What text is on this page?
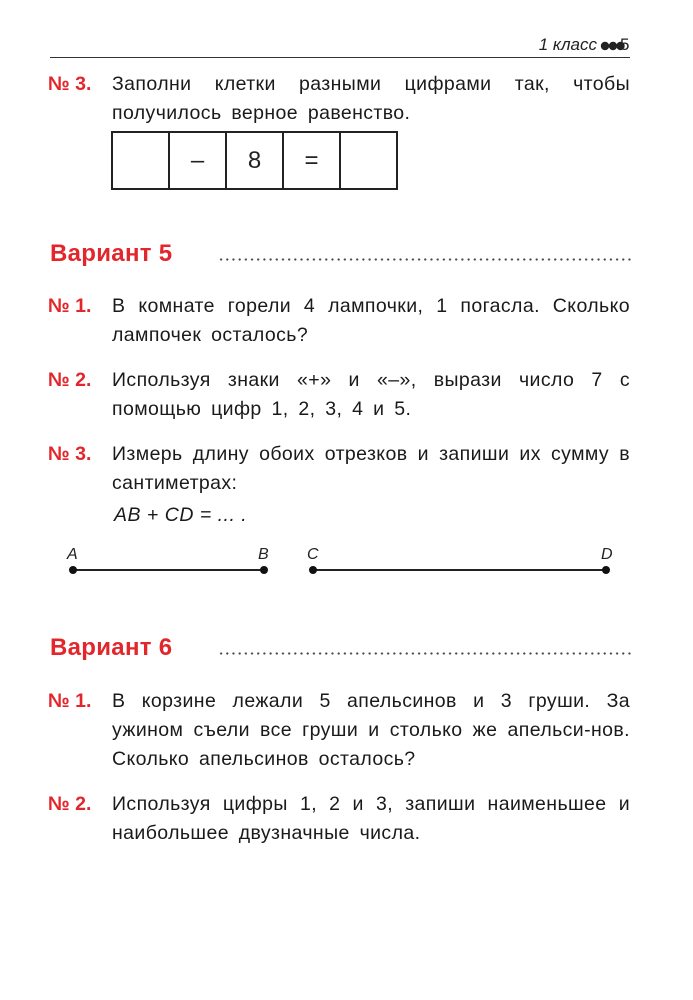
1 класс 5
№ 3. Заполни клетки разными цифрами так, чтобы получилось верное равенство.
–	8	=
Вариант 5
№ 1. В комнате горели 4 лампочки, 1 погасла. Сколько лампочек осталось?
№ 2. Используя знаки «+» и «–», вырази число 7 с помощью цифр 1, 2, 3, 4 и 5.
№ 3. Измерь длину обоих отрезков и запиши их сумму в сантиметрах:
AB + CD = ... .
A	B C	D
Вариант 6
№ 1. В корзине лежали 5 апельсинов и 3 груши. За ужином съели все груши и столько же апельси-нов. Сколько апельсинов осталось?
№ 2. Используя цифры 1, 2 и 3, запиши наименьшее и наибольшее двузначные числа.
